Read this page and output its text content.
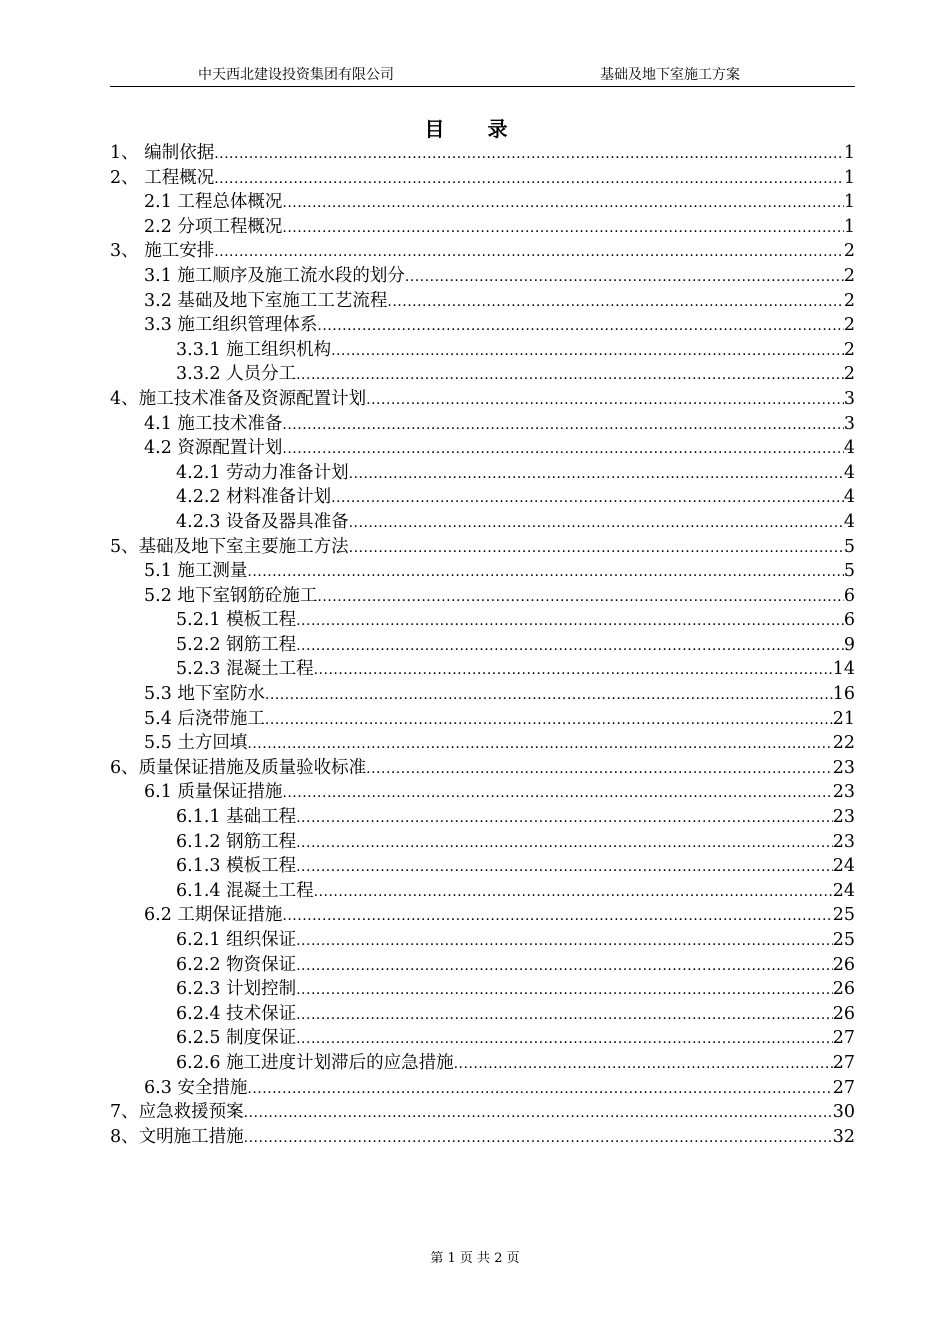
中天西北建设投资集团有限公司	基础及地下室施工方案
目 录
1、 编制依据 .....	1
2、 工程概况 .....	1
2.1 工程总体概况 .....	1
2.2 分项工程概况 .....	1
3、 施工安排 .....	2
3.1 施工顺序及施工流水段的划分 .....	2
3.2 基础及地下室施工工艺流程 .....	2
3.3 施工组织管理体系 .....	2
3.3.1 施工组织机构 .....	2
3.3.2 人员分工 .....	2
4、施工技术准备及资源配置计划 .....	3
4.1 施工技术准备 .....	3
4.2 资源配置计划 .....	4
4.2.1 劳动力准备计划 .....	4
4.2.2 材料准备计划 .....	4
4.2.3 设备及器具准备 .....	4
5、基础及地下室主要施工方法 .....	5
5.1 施工测量 .....	5
5.2 地下室钢筋砼施工 .....	6
5.2.1 模板工程 .....	6
5.2.2 钢筋工程 .....	9
5.2.3 混凝土工程 .....	14
5.3 地下室防水 .....	16
5.4 后浇带施工 .....	21
5.5 土方回填 .....	22
6、质量保证措施及质量验收标准 .....	23
6.1 质量保证措施 .....	23
6.1.1 基础工程 .....	23
6.1.2 钢筋工程 .....	23
6.1.3 模板工程 .....	24
6.1.4 混凝土工程 .....	24
6.2 工期保证措施 .....	25
6.2.1 组织保证 .....	25
6.2.2 物资保证 .....	26
6.2.3 计划控制 .....	26
6.2.4 技术保证 .....	26
6.2.5 制度保证 .....	27
6.2.6 施工进度计划滞后的应急措施 .....	27
6.3 安全措施 .....	27
7、应急救援预案 .....	30
8、文明施工措施 .....	32
第 1 页 共 2 页
